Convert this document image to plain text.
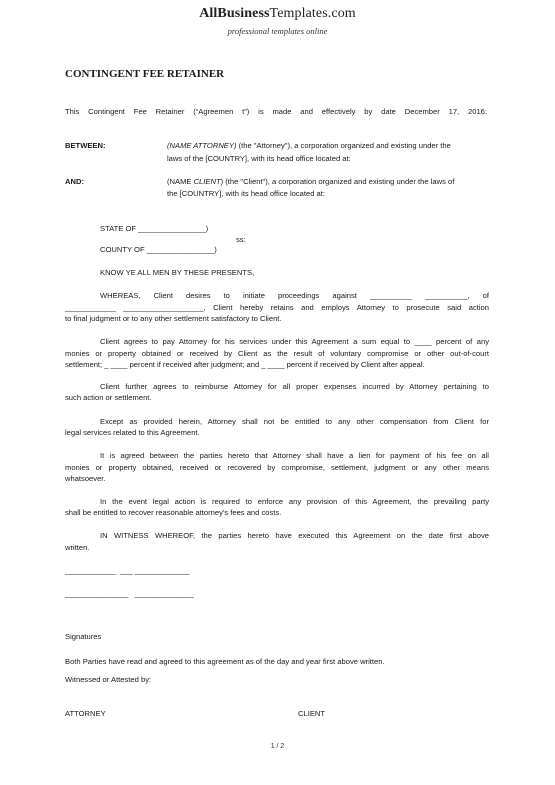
AllBusinessTemplates.com
professional templates online
CONTINGENT FEE RETAINER
This Contingent Fee Retainer (“Agreemen t”) is made and effectively by date December 17, 2016:
BETWEEN:	(NAME ATTORNEY) (the "Attorney"), a corporation organized and existing under the
laws of the [COUNTRY], with its head office located at:
AND:	(NAME CLIENT) (the "Client"), a corporation organized and existing under the laws of
the [COUNTRY], with its head office located at:
STATE OF ________________)
ss:
COUNTY OF ________________)
KNOW YE ALL MEN BY THESE PRESENTS,
WHEREAS, Client desires to initiate proceedings against __________ __________, of
____________ ___________________, Client hereby retains and employs Attorney to prosecute said action
to final judgment or to any other settlement satisfactory to Client.
Client agrees to pay Attorney for his services under this Agreement a sum equal to ____ percent of any
monies or property obtained or received by Client as the result of voluntary compromise or other out-of-court
settlement; _ ____ percent if received after judgment; and _ ____ percent if received by Client after appeal.
Client further agrees to reimburse Attorney for all proper expenses incurred by Attorney pertaining to
such action or settlement.
Except as provided herein, Attorney shall not be entitled to any other compensation from Client for
legal services related to this Agreement.
It is agreed between the parties hereto that Attorney shall have a lien for payment of his fee on all
monies or property obtained, received or recovered by compromise, settlement, judgment or any other means
whatsoever.
In the event legal action is required to enforce any provision of this Agreement, the prevailing party
shall be entitled to recover reasonable attorney's fees and costs.
IN WITNESS WHEREOF, the parties hereto have executed this Agreement on the date first above
written.
____________  ___ _____________
_______________   ______________
Signatures
Both Parties have read and agreed to this agreement as of the day and year first above written.
Witnessed or Attested by:
ATTORNEY	CLIENT
1 / 2
